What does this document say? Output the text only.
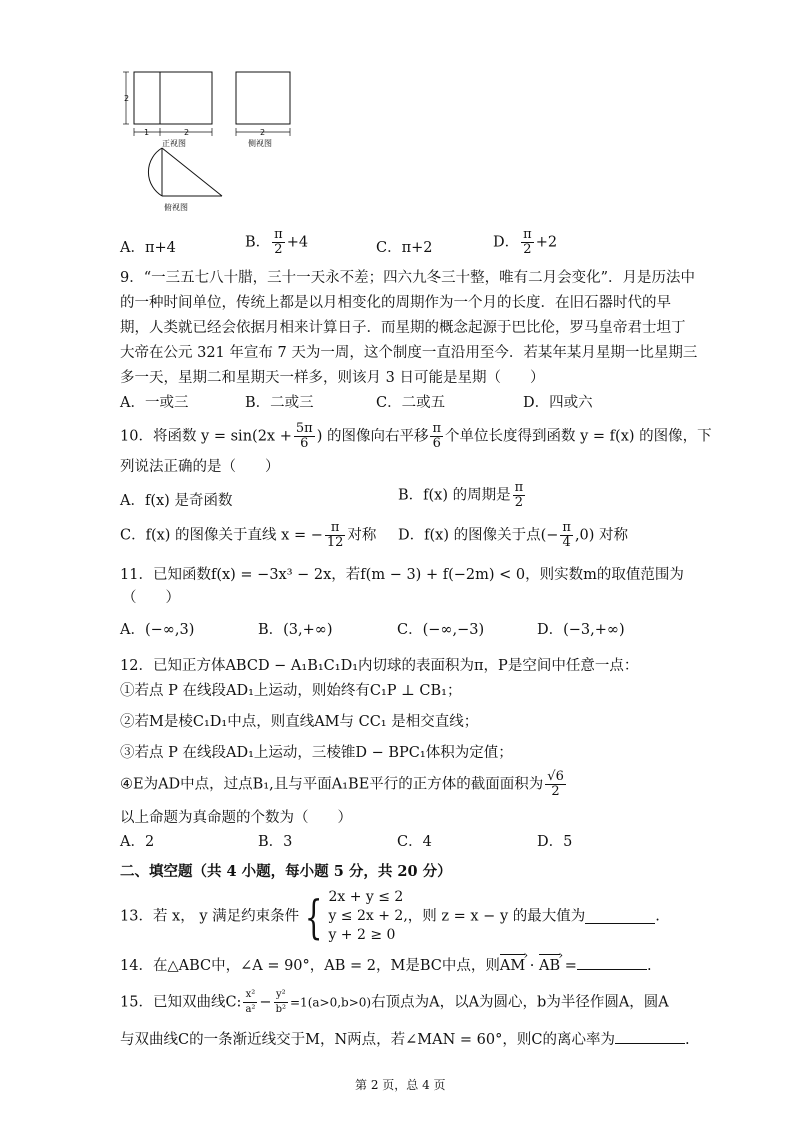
2
1	2
正视图
2
侧视图
俯视图
A．π+4	B． $\frac{\pi}{2} +4$	C．π+2	D． $\frac{\pi}{2} +2$
9．“一三五七八十腊，三十一天永不差；四六九冬三十整，唯有二月会变化”．月是历法中
的一种时间单位，传统上都是以月相变化的周期作为一个月的长度．在旧石器时代的早
期，人类就已经会依据月相来计算日子．而星期的概念起源于巴比伦，罗马皇帝君士坦丁
大帝在公元 321 年宣布 7 天为一周，这个制度一直沿用至今．若某年某月星期一比星期三
多一天，星期二和星期天一样多，则该月 3 日可能是星期（　　）
A．一或三	B．二或三	C．二或五	D．四或六
10．将函数 $y = \sin(2x + \frac{5\pi}{6}$ ) 的图像向右平移 $\frac{\pi}{6}$ 个单位长度得到函数 y = f(x) 的图像，下
列说法正确的是（　　）
A．f(x) 是奇函数	B．f(x) 的周期是 $\frac{\pi}{2}$
C．f(x) 的图像关于直线 x = − $\frac{\pi}{12}$ 对称 D．f(x) 的图像关于点(− $\frac{\pi}{4} ,0$) 对称
11．已知函数f(x) = −3x³ − 2x，若f(m − 3) + f(−2m) < 0，则实数m的取值范围为
（　　）
A．(−∞,3)	B．(3,+∞)	C．(−∞,−3)	D．(−3,+∞)
12．已知正方体ABCD − A₁B₁C₁D₁内切球的表面积为π，P是空间中任意一点：
①若点 P 在线段AD₁上运动，则始终有C₁P ⊥ CB₁；
②若M是棱C₁D₁中点，则直线AM与 CC₁ 是相交直线；
③若点 P 在线段AD₁上运动，三棱锥D − BPC₁体积为定值；
④E为AD中点，过点B₁,且与平面A₁BE平行的正方体的截面面积为 $\frac{√6}{2}$
以上命题为真命题的个数为（　　）
A．2	B．3	C．4	D．5
二、填空题（共 4 小题，每小题 5 分，共 20 分）
13．若 x， y 满足约束条件 { 2x + y ≤ 2
y ≤ 2x + 2,
y + 2 ≥ 0
，则 z = x − y 的最大值为	.
14．在△ABC中，∠A = 90°，AB = 2，M是BC中点，则AM › · AB › =	.
15．已知双曲线C: $\frac{\text{x²}}{\text{a²}} - \frac{\text{y²}}{\text{b²}} =1(a>0,b>0)$右顶点为A，以A为圆心，b为半径作圆A，圆A
与双曲线C的一条渐近线交于M，N两点，若∠MAN = 60°，则C的离心率为	.
第 2 页，总 4 页
